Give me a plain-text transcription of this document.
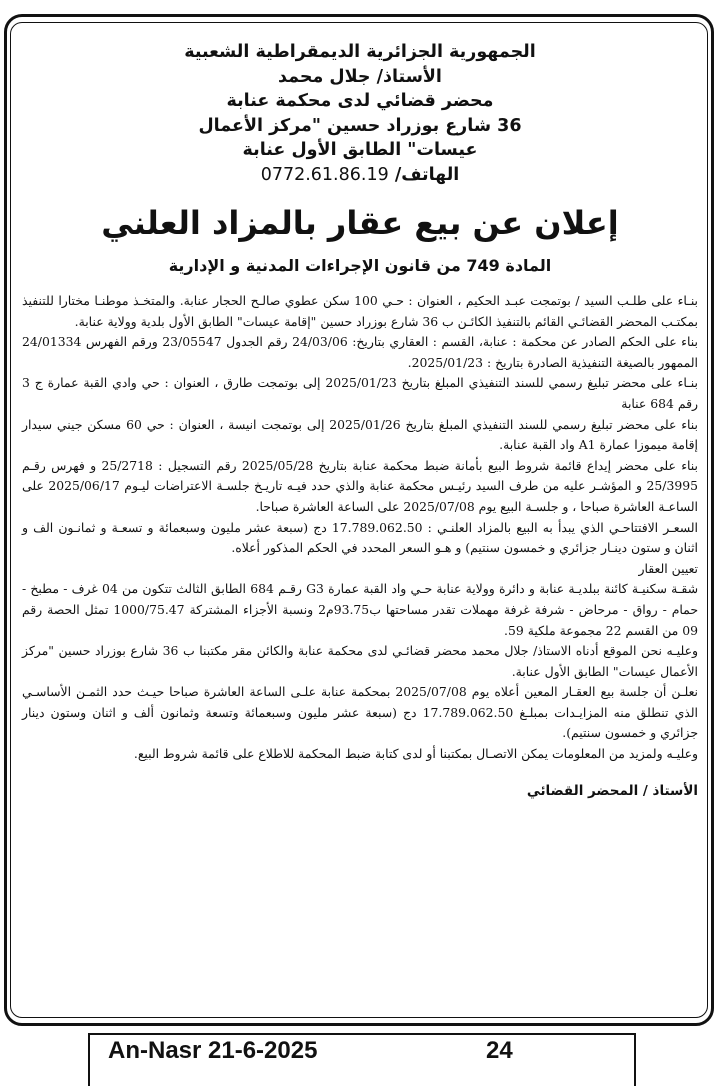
الجمهورية الجزائرية الديمقراطية الشعبية
الأستاذ/ جلال محمد
محضر قضائي لدى محكمة عنابة
36 شارع بوزراد حسين "مركز الأعمال
عيسات" الطابق الأول عنابة
الهاتف/ 0772.61.86.19
إعلان عن بيع عقار بالمزاد العلني
المادة 749 من قانون الإجراءات المدنية و الإدارية

بنـاء على طلـب السيد / بوتمجت عبـد الحكيم ، العنوان : حـي 100 سكن عطوي صالـح الحجار عنابة. والمتخـذ موطنـا مختارا للتنفيذ بمكتـب المحضر القضائـي القائم بالتنفيذ الكائـن ب 36 شارع بوزراد حسين "إقامة عيسات" الطابق الأول بلدية وولاية عنابة.

بناء على الحكم الصادر عن محكمة : عنابة، القسم : العقاري بتاريخ: 24/03/06 رقم الجدول 23/05547 ورقم الفهرس 24/01334 الممهور بالصيغة التنفيذية الصادرة بتاريخ : 2025/01/23.

بنـاء على محضر تبليغ رسمي للسند التنفيذي المبلغ بتاريخ 2025/01/23 إلى بوتمجت طارق ، العنوان : حي وادي القبة عمارة ج 3 رقم 684 عنابة

بناء على محضر تبليغ رسمي للسند التنفيذي المبلغ بتاريخ 2025/01/26 إلى بوتمجت انيسة ، العنوان : حي 60 مسكن جيني سيدار إقامة ميموزا عمارة A1 واد القبة عنابة.

بناء على محضر إيداع قائمة شروط البيع بأمانة ضبط محكمة عنابة بتاريخ 2025/05/28 رقم التسجيل : 25/2718 و فهرس رقـم 25/3995 و المؤشـر عليه من طرف السيد رئيـس محكمة عنابة والذي حدد فيـه تاريـخ جلسـة الاعتراضات ليـوم 2025/06/17 على الساعـة العاشرة صباحا ، و جلسـة البيع يوم 2025/07/08 على الساعة العاشرة صباحا.

السعـر الافتتاحـي الذي يبدأ به البيع بالمزاد العلنـي : 17.789.062.50 دج (سبعة عشر مليون وسبعمائة و تسعـة و ثمانـون الف و اثنان و ستون دينـار جزائري و خمسون سنتيم) و هـو السعر المحدد في الحكم المذكور أعلاه.

تعيين العقار

شقـة سكنيـة كائنة ببلديـة عنابة و دائرة وولاية عنابة حـي واد القبة عمارة G3 رقـم 684 الطابق الثالث تتكون من 04 غرف - مطبخ - حمام - رواق - مرحاض - شرفة غرفة مهملات تقدر مساحتها ب93.75م2 ونسبة الأجزاء المشتركة 1000/75.47 تمثل الحصة رقم 09 من القسم 22 مجموعة ملكية 59.

وعليـه نحن الموقع أدناه الاستاذ/ جلال محمد محضر قضائـي لدى محكمة عنابة والكائن مقر مكتبنا ب 36 شارع بوزراد حسين "مركز الأعمال عيسات" الطابق الأول عنابة.

نعلـن أن جلسة بيع العقـار المعين أعلاه يوم 2025/07/08 بمحكمة عنابة علـى الساعة العاشرة صباحا حيـث حدد الثمـن الأساسـي الذي تنطلق منه المزايـدات بمبلـغ 17.789.062.50 دج (سبعة عشر مليون وسبعمائة وتسعة وثمانون ألف و اثنان وستون دينار جزائري و خمسون سنتيم).

وعليـه ولمزيد من المعلومات يمكن الاتصـال بمكتبنا أو لدى كتابة ضبط المحكمة للاطلاع على قائمة شروط البيع.

الأستاذ / المحضر القضائي
An-Nasr 21-6-2025	24
